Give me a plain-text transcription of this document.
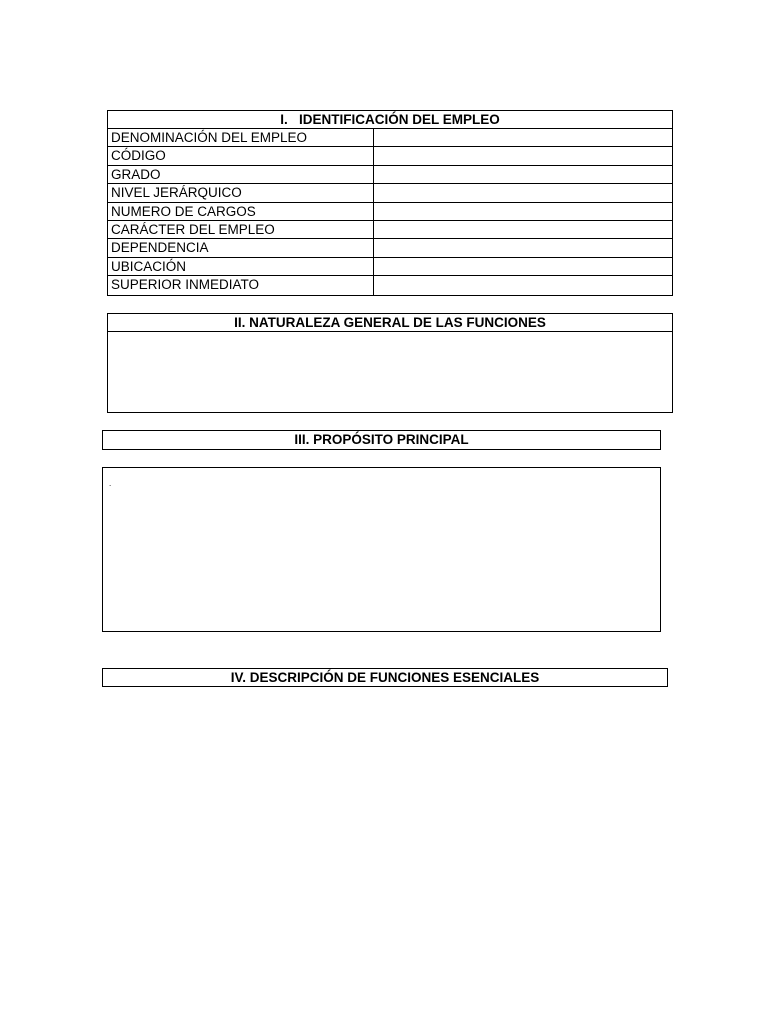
I.   IDENTIFICACIÓN DEL EMPLEO
DENOMINACIÓN DEL EMPLEO
CÓDIGO
GRADO
NIVEL JERÁRQUICO
NUMERO DE CARGOS
CARÁCTER DEL EMPLEO
DEPENDENCIA
UBICACIÓN
SUPERIOR INMEDIATO
II. NATURALEZA GENERAL DE LAS FUNCIONES
III. PROPÓSITO PRINCIPAL
.
IV. DESCRIPCIÓN DE FUNCIONES ESENCIALES
